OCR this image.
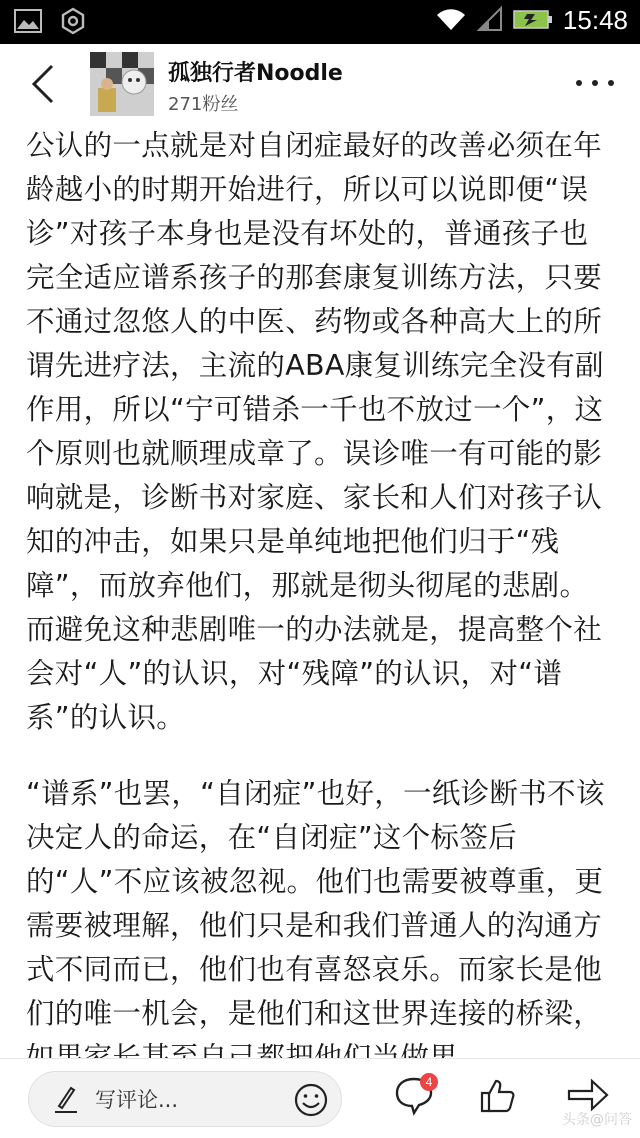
15:48
孤独行者Noodle
271粉丝

公认的一点就是对自闭症最好的改善必须在年龄越小的时期开始进行，所以可以说即便“误诊”对孩子本身也是没有坏处的，普通孩子也完全适应谱系孩子的那套康复训练方法，只要不通过忽悠人的中医、药物或各种高大上的所谓先进疗法，主流的ABA康复训练完全没有副作用，所以“宁可错杀一千也不放过一个”，这个原则也就顺理成章了。误诊唯一有可能的影响就是，诊断书对家庭、家长和人们对孩子认知的冲击，如果只是单纯地把他们归于“残障”，而放弃他们，那就是彻头彻尾的悲剧。而避免这种悲剧唯一的办法就是，提高整个社会对“人”的认识，对“残障”的认识，对“谱系”的认识。

“谱系”也罢，“自闭症”也好，一纸诊断书不该决定人的命运，在“自闭症”这个标签后的“人”不应该被忽视。他们也需要被尊重，更需要被理解，他们只是和我们普通人的沟通方式不同而已，他们也有喜怒哀乐。而家长是他们的唯一机会，是他们和这世界连接的桥梁，

写评论...
4
头条@问答
